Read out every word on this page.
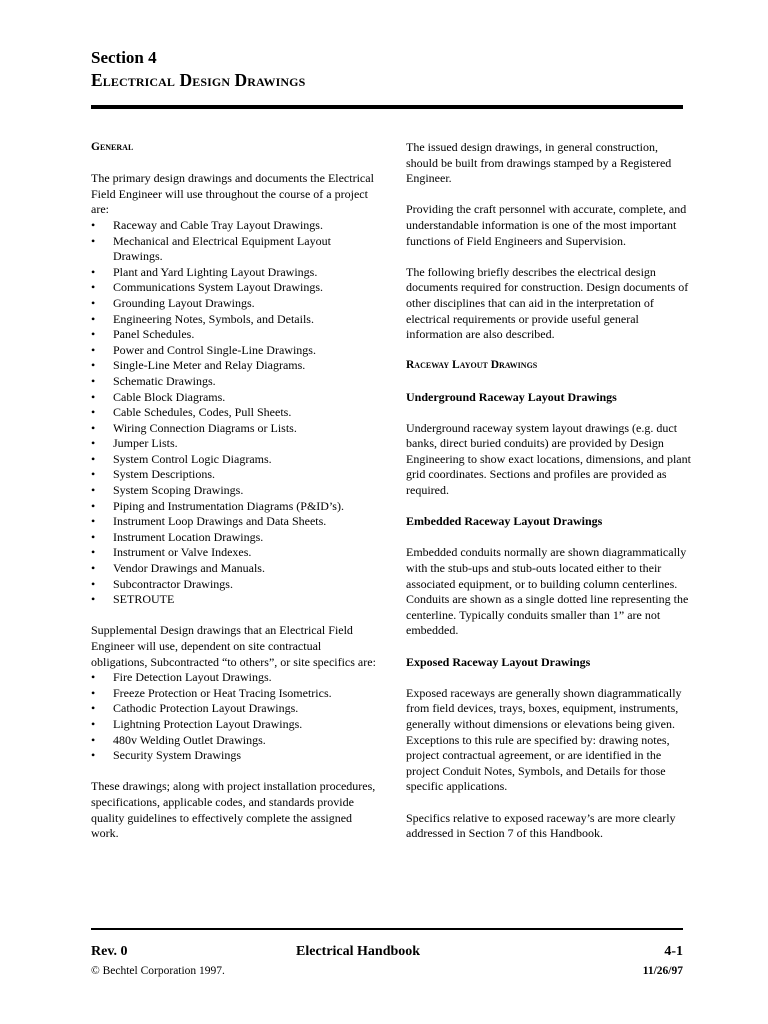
Section 4
Electrical Design Drawings

General

The primary design drawings and documents the Electrical Field Engineer will use throughout the course of a project are:

• Raceway and Cable Tray Layout Drawings.
• Mechanical and Electrical Equipment Layout Drawings.
• Plant and Yard Lighting Layout Drawings.
• Communications System Layout Drawings.
• Grounding Layout Drawings.
• Engineering Notes, Symbols, and Details.
• Panel Schedules.
• Power and Control Single-Line Drawings.
• Single-Line Meter and Relay Diagrams.
• Schematic Drawings.
• Cable Block Diagrams.
• Cable Schedules, Codes, Pull Sheets.
• Wiring Connection Diagrams or Lists.
• Jumper Lists.
• System Control Logic Diagrams.
• System Descriptions.
• System Scoping Drawings.
• Piping and Instrumentation Diagrams (P&ID’s).
• Instrument Loop Drawings and Data Sheets.
• Instrument Location Drawings.
• Instrument or Valve Indexes.
• Vendor Drawings and Manuals.
• Subcontractor Drawings.
• SETROUTE

Supplemental Design drawings that an Electrical Field Engineer will use, dependent on site contractual obligations, Subcontracted “to others”, or site specifics are:

• Fire Detection Layout Drawings.
• Freeze Protection or Heat Tracing Isometrics.
• Cathodic Protection Layout Drawings.
• Lightning Protection Layout Drawings.
• 480v Welding Outlet Drawings.
• Security System Drawings

These drawings; along with project installation procedures, specifications, applicable codes, and standards provide quality guidelines to effectively complete the assigned work.

The issued design drawings, in general construction, should be built from drawings stamped by a Registered Engineer.

Providing the craft personnel with accurate, complete, and understandable information is one of the most important functions of Field Engineers and Supervision.

The following briefly describes the electrical design documents required for construction. Design documents of other disciplines that can aid in the interpretation of electrical requirements or provide useful general information are also described.

Raceway Layout Drawings

Underground Raceway Layout Drawings

Underground raceway system layout drawings (e.g. duct banks, direct buried conduits) are provided by Design Engineering to show exact locations, dimensions, and plant grid coordinates. Sections and profiles are provided as required.

Embedded Raceway Layout Drawings

Embedded conduits normally are shown diagrammatically with the stub-ups and stub-outs located either to their associated equipment, or to building column centerlines. Conduits are shown as a single dotted line representing the centerline. Typically conduits smaller than 1” are not embedded.

Exposed Raceway Layout Drawings

Exposed raceways are generally shown diagrammatically from field devices, trays, boxes, equipment, instruments, generally without dimensions or elevations being given. Exceptions to this rule are specified by: drawing notes, project contractual agreement, or are identified in the project Conduit Notes, Symbols, and Details for those specific applications.

Specifics relative to exposed raceway’s are more clearly addressed in Section 7 of this Handbook.

Rev. 0	Electrical Handbook	4-1
© Bechtel Corporation 1997.	11/26/97
